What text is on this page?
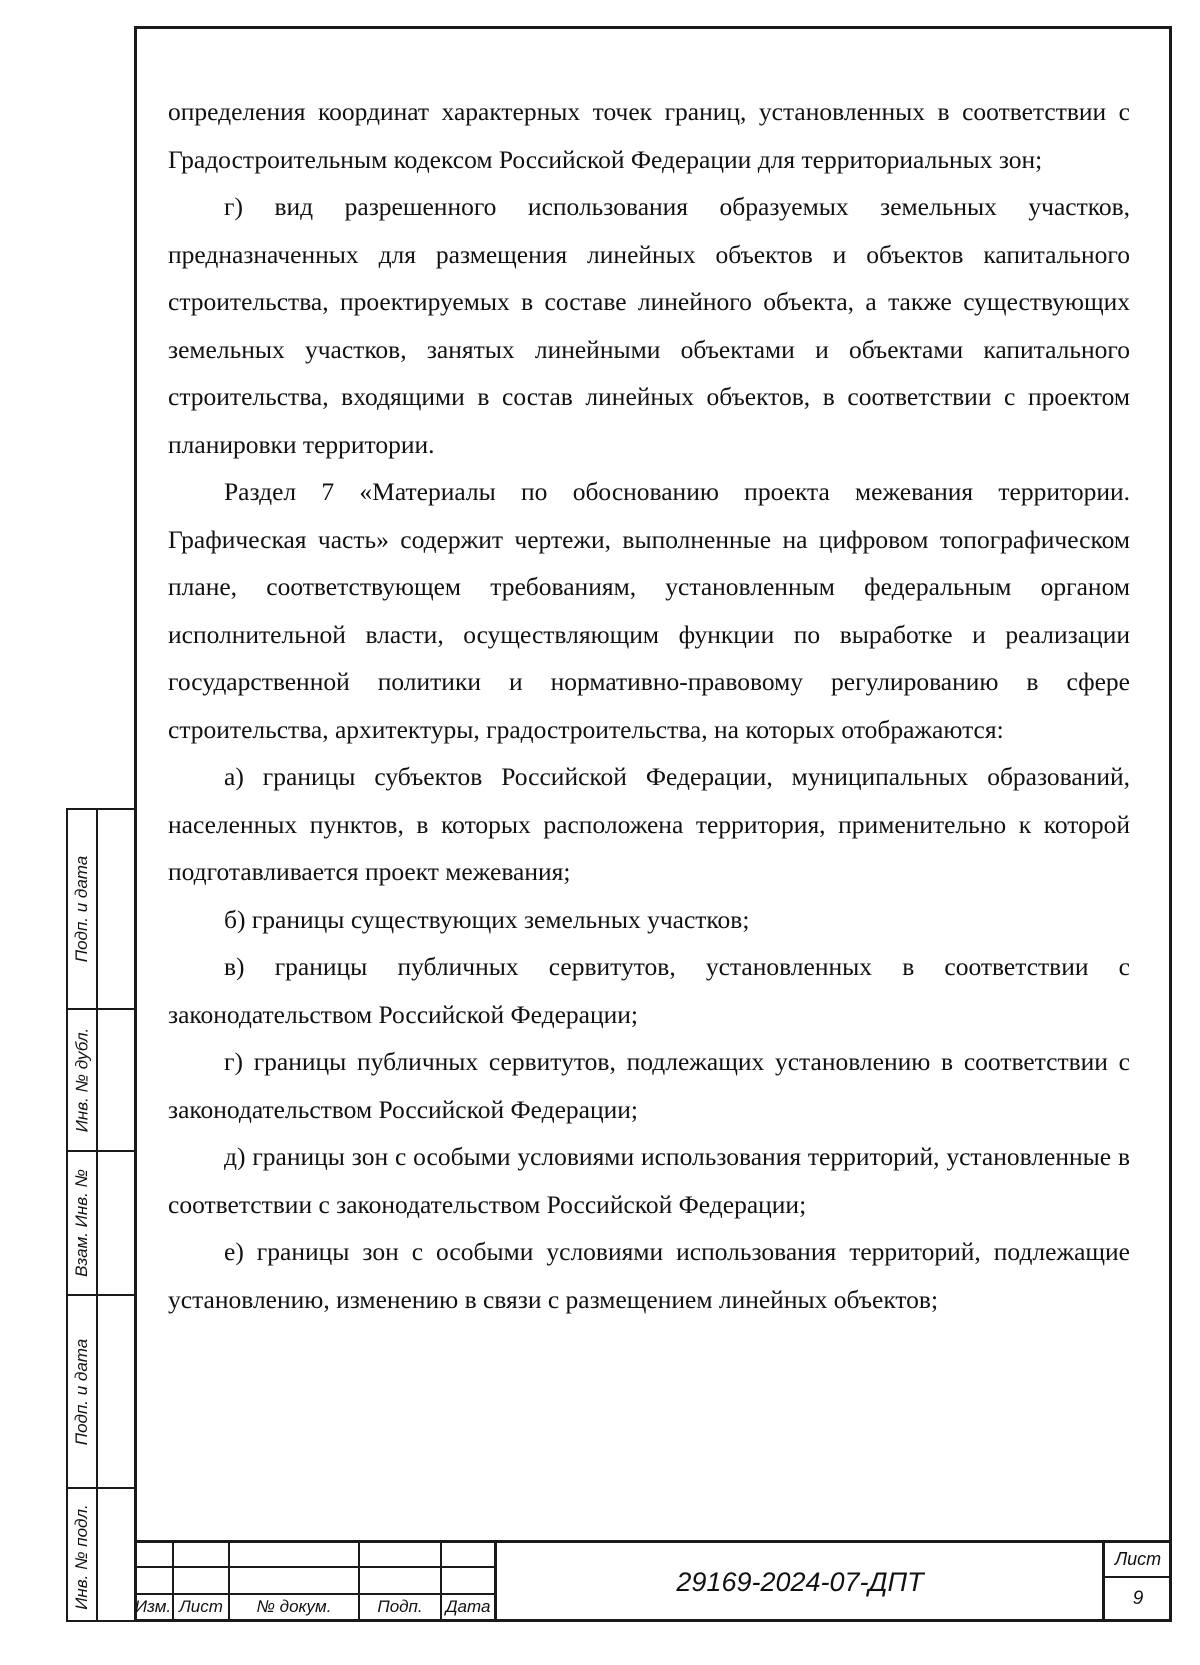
определения координат характерных точек границ, установленных в соответствии с Градостроительным кодексом Российской Федерации для территориальных зон;

г) вид разрешенного использования образуемых земельных участков, предназначенных для размещения линейных объектов и объектов капитального строительства, проектируемых в составе линейного объекта, а также существующих земельных участков, занятых линейными объектами и объектами капитального строительства, входящими в состав линейных объектов, в соответствии с проектом планировки территории.

Раздел 7 «Материалы по обоснованию проекта межевания территории. Графическая часть» содержит чертежи, выполненные на цифровом топографическом плане, соответствующем требованиям, установленным федеральным органом исполнительной власти, осуществляющим функции по выработке и реализации государственной политики и нормативно-правовому регулированию в сфере строительства, архитектуры, градостроительства, на которых отображаются:

а) границы субъектов Российской Федерации, муниципальных образований, населенных пунктов, в которых расположена территория, применительно к которой подготавливается проект межевания;

б) границы существующих земельных участков;

в) границы публичных сервитутов, установленных в соответствии с законодательством Российской Федерации;

г) границы публичных сервитутов, подлежащих установлению в соответствии с законодательством Российской Федерации;

д) границы зон с особыми условиями использования территорий, установленные в соответствии с законодательством Российской Федерации;

е) границы зон с особыми условиями использования территорий, подлежащие установлению, изменению в связи с размещением линейных объектов;

Подп. и дата
Инв. № дубл.
Взам. Инв. №
Подп. и дата
Инв. № подл.	Изм. Лист	№ докум.	Подп.	Дата
29169-2024-07-ДПТ
Лист
9
